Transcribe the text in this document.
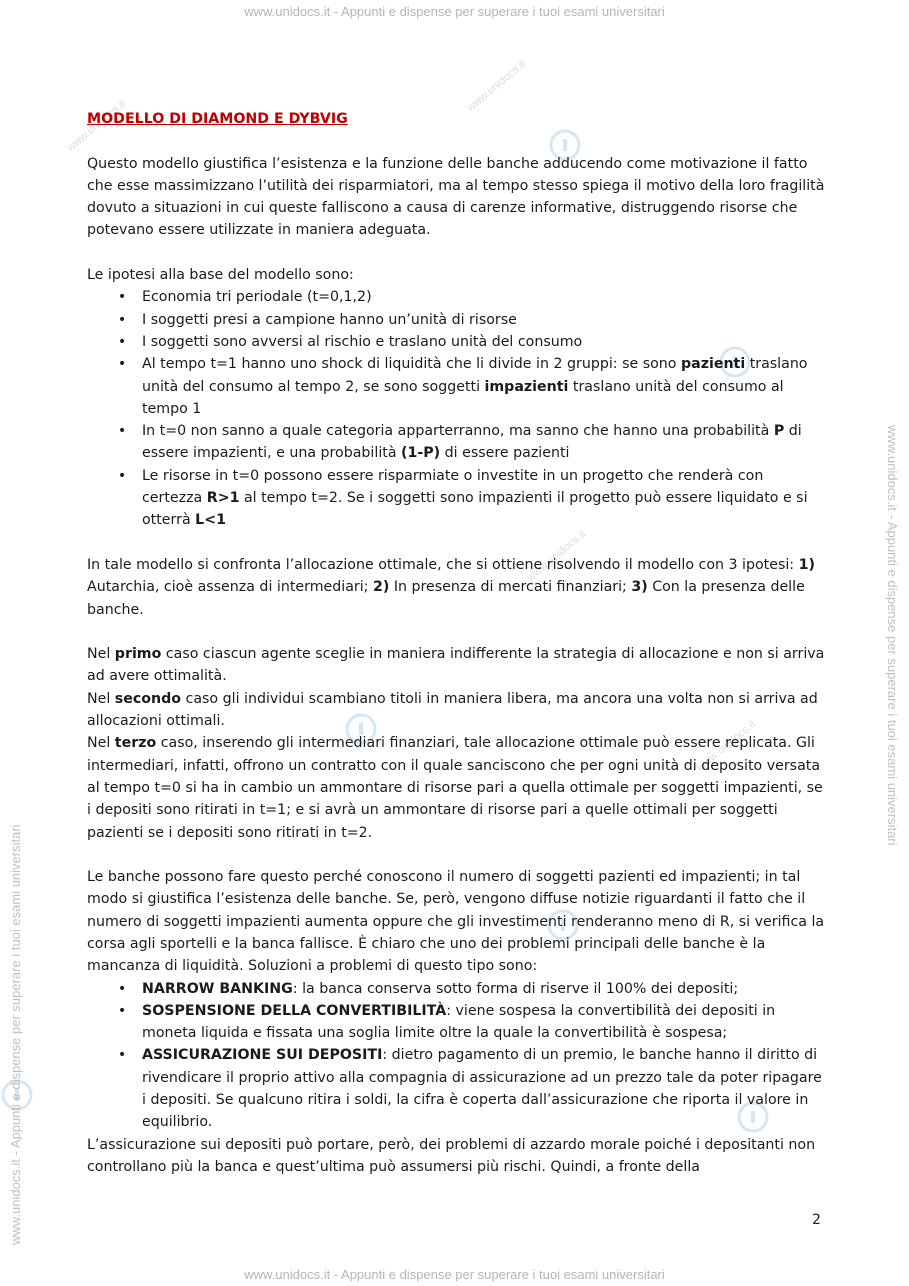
www.unidocs.it - Appunti e dispense per superare i tuoi esami universitari
www.unidocs.it - Appunti e dispense per superare i tuoi esami universitari
www.unidocs.it - Appunti e dispense per superare i tuoi esami universitari
www.unidocs.it - Appunti e dispense per superare i tuoi esami universitari
www.unidocs.it
www.unidocs.it
www.unidocs.it
www.unidocs.it

MODELLO DI DIAMOND E DYBVIG

Questo modello giustifica l’esistenza e la funzione delle banche adducendo come motivazione il fatto che esse massimizzano l’utilità dei risparmiatori, ma al tempo stesso spiega il motivo della loro fragilità dovuto a situazioni in cui queste falliscono a causa di carenze informative, distruggendo risorse che potevano essere utilizzate in maniera adeguata.

Le ipotesi alla base del modello sono:

• Economia tri periodale (t=0,1,2)
• I soggetti presi a campione hanno un’unità di risorse
• I soggetti sono avversi al rischio e traslano unità del consumo
• Al tempo t=1 hanno uno shock di liquidità che li divide in 2 gruppi: se sono pazienti traslano unità del consumo al tempo 2, se sono soggetti impazienti traslano unità del consumo al tempo 1
• In t=0 non sanno a quale categoria apparterranno, ma sanno che hanno una probabilità P di essere impazienti, e una probabilità (1-P) di essere pazienti
• Le risorse in t=0 possono essere risparmiate o investite in un progetto che renderà con certezza R>1 al tempo t=2. Se i soggetti sono impazienti il progetto può essere liquidato e si otterrà L<1

In tale modello si confronta l’allocazione ottimale, che si ottiene risolvendo il modello con 3 ipotesi: 1) Autarchia, cioè assenza di intermediari; 2) In presenza di mercati finanziari; 3) Con la presenza delle banche.

Nel primo caso ciascun agente sceglie in maniera indifferente la strategia di allocazione e non si arriva ad avere ottimalità.

Nel secondo caso gli individui scambiano titoli in maniera libera, ma ancora una volta non si arriva ad allocazioni ottimali.

Nel terzo caso, inserendo gli intermediari finanziari, tale allocazione ottimale può essere replicata. Gli intermediari, infatti, offrono un contratto con il quale sanciscono che per ogni unità di deposito versata al tempo t=0 si ha in cambio un ammontare di risorse pari a quella ottimale per soggetti impazienti, se i depositi sono ritirati in t=1; e si avrà un ammontare di risorse pari a quelle ottimali per soggetti pazienti se i depositi sono ritirati in t=2.

Le banche possono fare questo perché conoscono il numero di soggetti pazienti ed impazienti; in tal modo si giustifica l’esistenza delle banche. Se, però, vengono diffuse notizie riguardanti il fatto che il numero di soggetti impazienti aumenta oppure che gli investimenti renderanno meno di R, si verifica la corsa agli sportelli e la banca fallisce. È chiaro che uno dei problemi principali delle banche è la mancanza di liquidità. Soluzioni a problemi di questo tipo sono:

• NARROW BANKING: la banca conserva sotto forma di riserve il 100% dei depositi;
• SOSPENSIONE DELLA CONVERTIBILITÀ: viene sospesa la convertibilità dei depositi in moneta liquida e fissata una soglia limite oltre la quale la convertibilità è sospesa;
• ASSICURAZIONE SUI DEPOSITI: dietro pagamento di un premio, le banche hanno il diritto di rivendicare il proprio attivo alla compagnia di assicurazione ad un prezzo tale da poter ripagare i depositi. Se qualcuno ritira i soldi, la cifra è coperta dall’assicurazione che riporta il valore in equilibrio.

L’assicurazione sui depositi può portare, però, dei problemi di azzardo morale poiché i depositanti non controllano più la banca e quest’ultima può assumersi più rischi. Quindi, a fronte della

2
